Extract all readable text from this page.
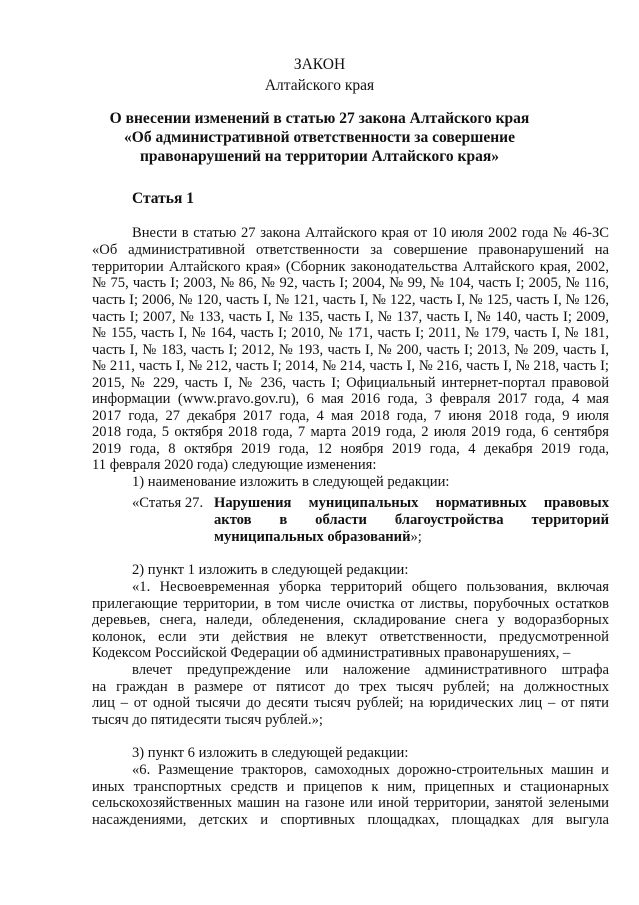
ЗАКОН
Алтайского края
О внесении изменений в статью 27 закона Алтайского края
«Об административной ответственности за совершение
правонарушений на территории Алтайского края»
Статья 1
Внести в статью 27 закона Алтайского края от 10 июля 2002 года № 46-ЗС
«Об административной ответственности за совершение правонарушений на
территории Алтайского края» (Сборник законодательства Алтайского края, 2002,
№ 75, часть I; 2003, № 86, № 92, часть I; 2004, № 99, № 104, часть I; 2005, № 116,
часть I; 2006, № 120, часть I, № 121, часть I, № 122, часть I, № 125, часть I, № 126,
часть I; 2007, № 133, часть I, № 135, часть I, № 137, часть I, № 140, часть I; 2009,
№ 155, часть I, № 164, часть I; 2010, № 171, часть I; 2011, № 179, часть I, № 181,
часть I, № 183, часть I; 2012, № 193, часть I, № 200, часть I; 2013, № 209, часть I,
№ 211, часть I, № 212, часть I; 2014, № 214, часть I, № 216, часть I, № 218, часть I;
2015, № 229, часть I, № 236, часть I; Официальный интернет-портал правовой
информации (www.pravo.gov.ru), 6 мая 2016 года, 3 февраля 2017 года, 4 мая
2017 года, 27 декабря 2017 года, 4 мая 2018 года, 7 июня 2018 года, 9 июля
2018 года, 5 октября 2018 года, 7 марта 2019 года, 2 июля 2019 года, 6 сентября
2019 года, 8 октября 2019 года, 12 ноября 2019 года, 4 декабря 2019 года,
11 февраля 2020 года) следующие изменения:
1) наименование изложить в следующей редакции:
«Статья 27. Нарушения муниципальных нормативных правовых
актов в области благоустройства территорий
муниципальных образований»;
2) пункт 1 изложить в следующей редакции:
«1. Несвоевременная уборка территорий общего пользования, включая
прилегающие территории, в том числе очистка от листвы, порубочных остатков
деревьев, снега, наледи, обледенения, складирование снега у водоразборных
колонок, если эти действия не влекут ответственности, предусмотренной
Кодексом Российской Федерации об административных правонарушениях, –
влечет предупреждение или наложение административного штрафа
на граждан в размере от пятисот до трех тысяч рублей; на должностных
лиц – от одной тысячи до десяти тысяч рублей; на юридических лиц – от пяти
тысяч до пятидесяти тысяч рублей.»;
3) пункт 6 изложить в следующей редакции:
«6. Размещение тракторов, самоходных дорожно-строительных машин и
иных транспортных средств и прицепов к ним, прицепных и стационарных
сельскохозяйственных машин на газоне или иной территории, занятой зелеными
насаждениями, детских и спортивных площадках, площадках для выгула
